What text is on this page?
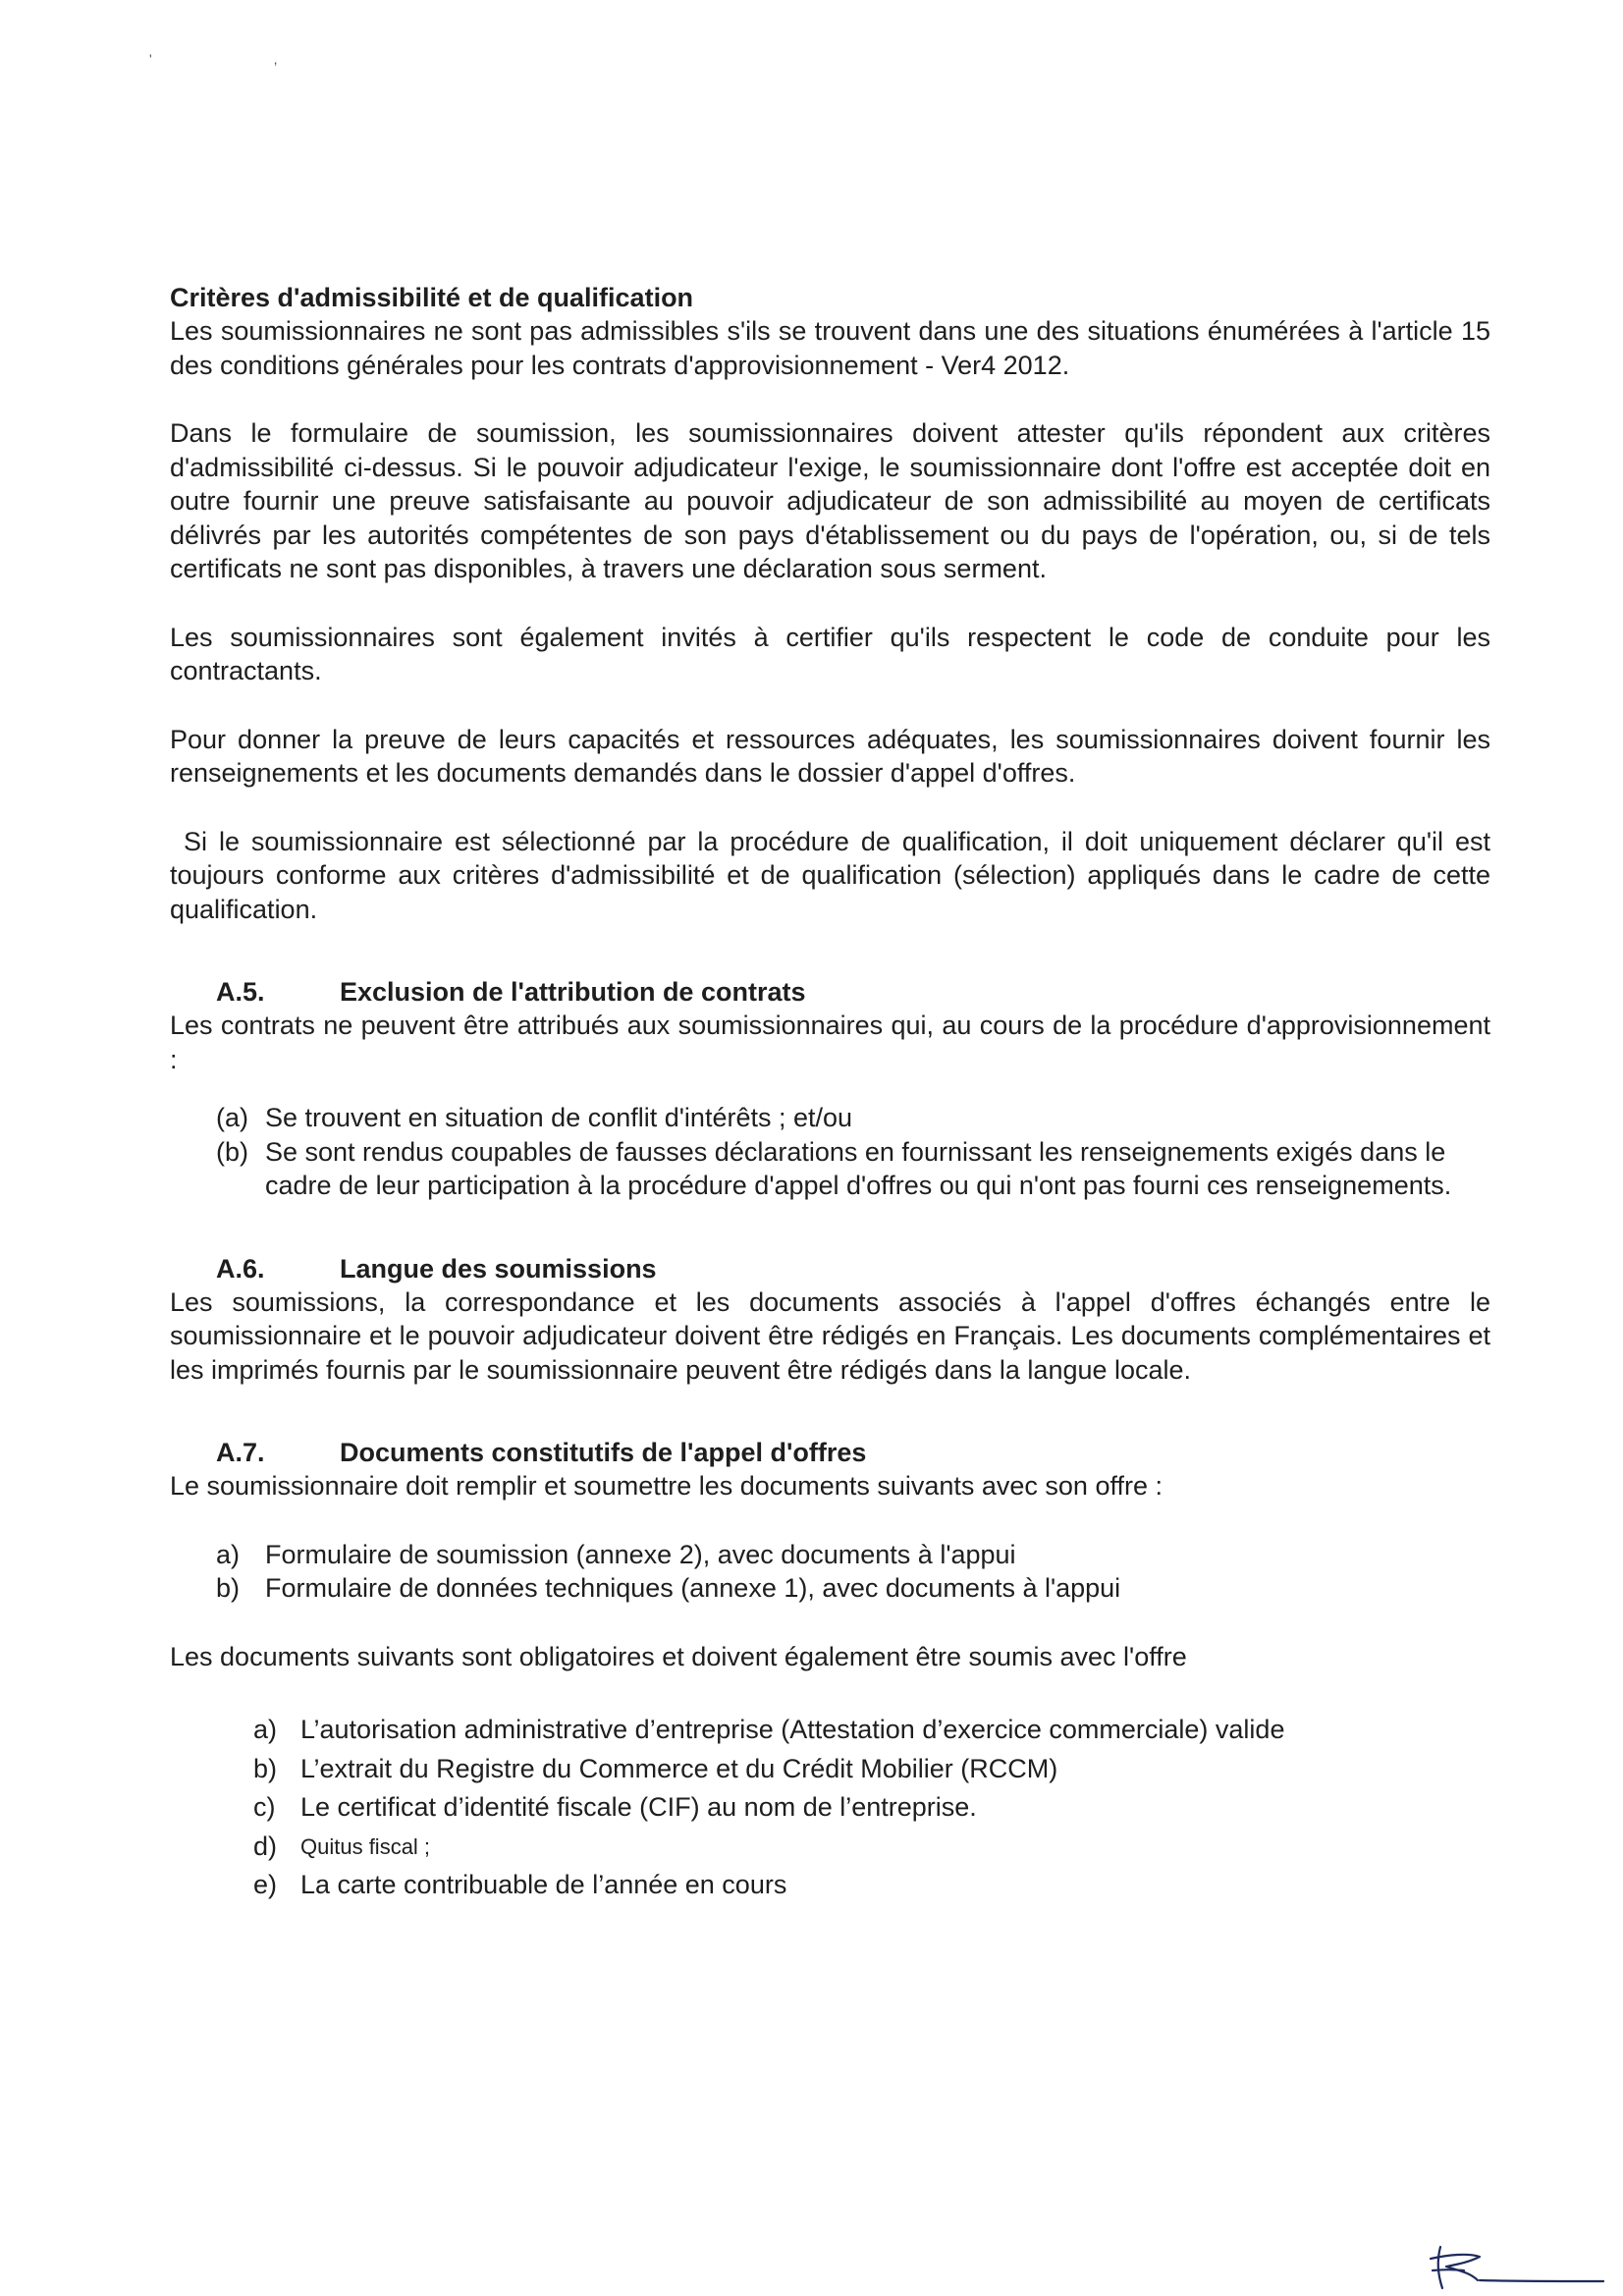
' ,
Critères d'admissibilité et de qualification

Les soumissionnaires ne sont pas admissibles s'ils se trouvent dans une des situations énumérées à l'article 15 des conditions générales pour les contrats d'approvisionnement - Ver4 2012.

Dans le formulaire de soumission, les soumissionnaires doivent attester qu'ils répondent aux critères d'admissibilité ci-dessus. Si le pouvoir adjudicateur l'exige, le soumissionnaire dont l'offre est acceptée doit en outre fournir une preuve satisfaisante au pouvoir adjudicateur de son admissibilité au moyen de certificats délivrés par les autorités compétentes de son pays d'établissement ou du pays de l'opération, ou, si de tels certificats ne sont pas disponibles, à travers une déclaration sous serment.

Les soumissionnaires sont également invités à certifier qu'ils respectent le code de conduite pour les contractants.

Pour donner la preuve de leurs capacités et ressources adéquates, les soumissionnaires doivent fournir les renseignements et les documents demandés dans le dossier d'appel d'offres.

Si le soumissionnaire est sélectionné par la procédure de qualification, il doit uniquement déclarer qu'il est toujours conforme aux critères d'admissibilité et de qualification (sélection) appliqués dans le cadre de cette qualification.

A.5.	Exclusion de l'attribution de contrats

Les contrats ne peuvent être attribués aux soumissionnaires qui, au cours de la procédure d'approvisionnement :

(a) Se trouvent en situation de conflit d'intérêts ; et/ou
(b) Se sont rendus coupables de fausses déclarations en fournissant les renseignements exigés dans le cadre de leur participation à la procédure d'appel d'offres ou qui n'ont pas fourni ces renseignements.
A.6.	Langue des soumissions

Les soumissions, la correspondance et les documents associés à l'appel d'offres échangés entre le soumissionnaire et le pouvoir adjudicateur doivent être rédigés en Français. Les documents complémentaires et les imprimés fournis par le soumissionnaire peuvent être rédigés dans la langue locale.

A.7.	Documents constitutifs de l'appel d'offres

Le soumissionnaire doit remplir et soumettre les documents suivants avec son offre :

a) Formulaire de soumission (annexe 2), avec documents à l'appui
b) Formulaire de données techniques (annexe 1), avec documents à l'appui

Les documents suivants sont obligatoires et doivent également être soumis avec l'offre

a) L’autorisation administrative d’entreprise (Attestation d’exercice commerciale) valide
b) L’extrait du Registre du Commerce et du Crédit Mobilier (RCCM)
c) Le certificat d’identité fiscale (CIF) au nom de l’entreprise.
d)	Quitus fiscal ;
e) La carte contribuable de l’année en cours
